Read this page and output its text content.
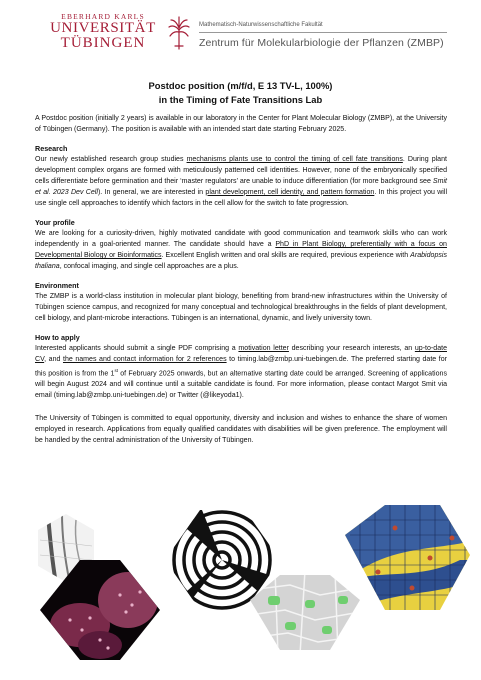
EBERHARD KARLS
UNIVERSITÄT
TÜBINGEN
Mathematisch-Naturwissenschaftliche Fakultät
Zentrum für Molekularbiologie der Pflanzen (ZMBP)
Postdoc position (m/f/d, E 13 TV-L, 100%)
in the Timing of Fate Transitions Lab

A Postdoc position (initially 2 years) is available in our laboratory in the Center for Plant Molecular Biology (ZMBP), at the University of Tübingen (Germany). The position is available with an intended start date starting February 2025.

Research

Our newly established research group studies mechanisms plants use to control the timing of cell fate transitions. During plant development complex organs are formed with meticulously patterned cell identities. However, none of the embryonically specified cells differentiate before germination and their ‘master regulators’ are unable to induce differentiation (for more background see Smit et al. 2023 Dev Cell). In general, we are interested in plant development, cell identity, and pattern formation. In this project you will use single cell approaches to identify which factors in the cell allow for the switch to fate progression.

Your profile

We are looking for a curiosity-driven, highly motivated candidate with good communication and teamwork skills who can work independently in a goal-oriented manner. The candidate should have a PhD in Plant Biology, preferentially with a focus on Developmental Biology or Bioinformatics. Excellent English written and oral skills are required, previous experience with Arabidopsis thaliana, confocal imaging, and single cell approaches are a plus.

Environment

The ZMBP is a world-class institution in molecular plant biology, benefiting from brand-new infrastructures within the University of Tübingen science campus, and recognized for many conceptual and technological breakthroughs in the fields of plant development, cell biology, and plant-microbe interactions. Tübingen is an international, dynamic, and lively university town.

How to apply

Interested applicants should submit a single PDF comprising a motivation letter describing your research interests, an up-to-date CV, and the names and contact information for 2 references to timing.lab@zmbp.uni-tuebingen.de. The preferred starting date for this position is from the 1st of February 2025 onwards, but an alternative starting date could be arranged. Screening of applications will begin August 2024 and will continue until a suitable candidate is found. For more information, please contact Margot Smit via email (timing.lab@zmbp.uni-tuebingen.de) or Twitter (@likeyoda1).

The University of Tübingen is committed to equal opportunity, diversity and inclusion and wishes to enhance the share of women employed in research. Applications from equally qualified candidates with disabilities will be given preference. The employment will be handled by the central administration of the University of Tübingen.
